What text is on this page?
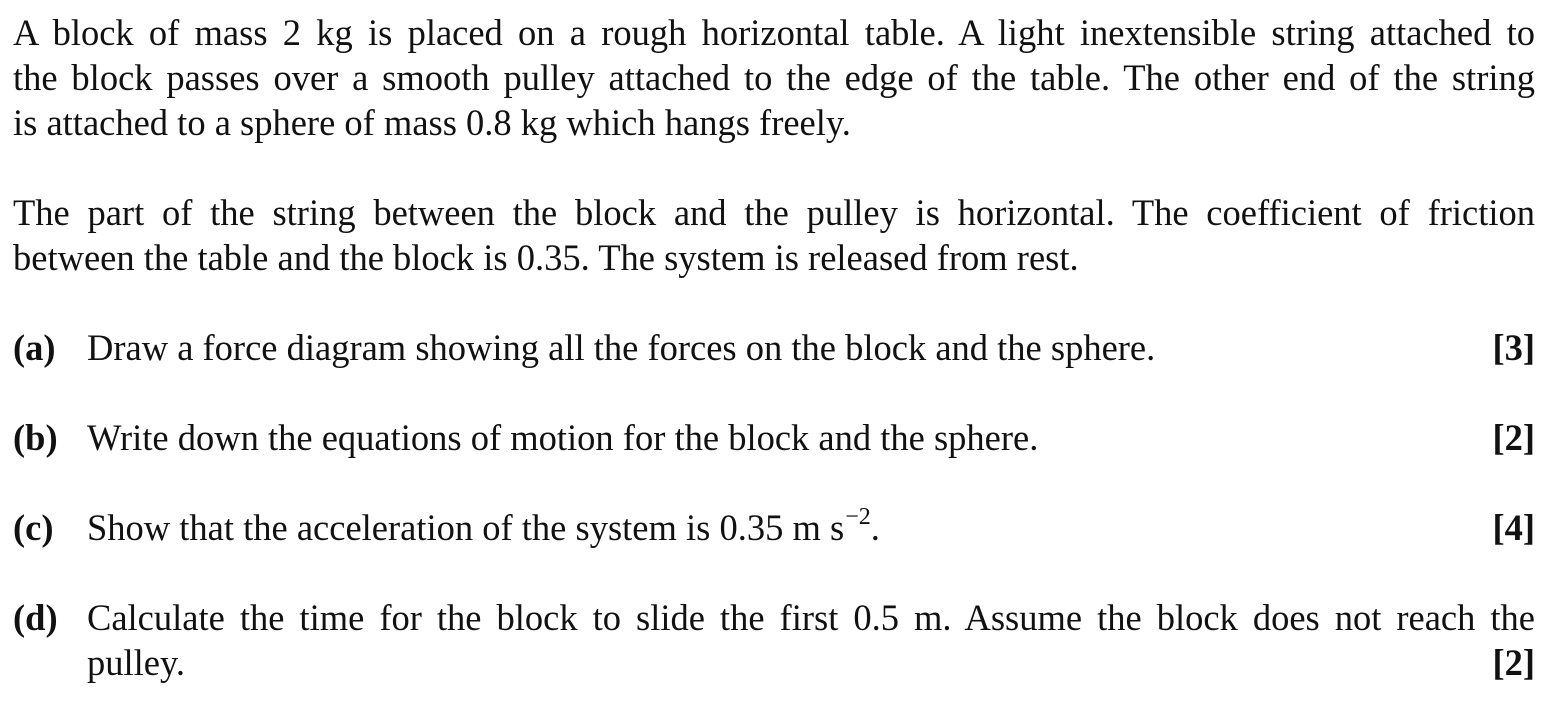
A block of mass 2 kg is placed on a rough horizontal table. A light inextensible string attached to
the block passes over a smooth pulley attached to the edge of the table. The other end of the string
is attached to a sphere of mass 0.8 kg which hangs freely.
The part of the string between the block and the pulley is horizontal. The coefficient of friction
between the table and the block is 0.35. The system is released from rest.
(a) Draw a force diagram showing all the forces on the block and the sphere.	[3]
(b) Write down the equations of motion for the block and the sphere.	[2]
(c) Show that the acceleration of the system is 0.35 m $s^{-2}$.	[4]
(d) Calculate the time for the block to slide the first 0.5 m. Assume the block does not reach the
pulley.	[2]
